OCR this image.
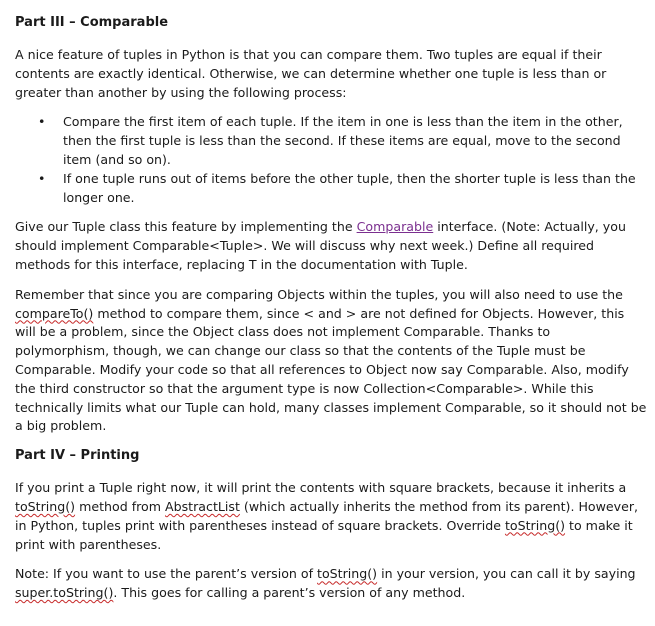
Part III – Comparable

A nice feature of tuples in Python is that you can compare them. Two tuples are equal if their contents are exactly identical. Otherwise, we can determine whether one tuple is less than or greater than another by using the following process:

• Compare the first item of each tuple. If the item in one is less than the item in the other, then the first tuple is less than the second. If these items are equal, move to the second item (and so on).
• If one tuple runs out of items before the other tuple, then the shorter tuple is less than the longer one.

Give our Tuple class this feature by implementing the Comparable interface. (Note: Actually, you should implement Comparable<Tuple>. We will discuss why next week.) Define all required methods for this interface, replacing T in the documentation with Tuple.

Remember that since you are comparing Objects within the tuples, you will also need to use the compareTo() method to compare them, since < and > are not defined for Objects. However, this will be a problem, since the Object class does not implement Comparable. Thanks to polymorphism, though, we can change our class so that the contents of the Tuple must be Comparable. Modify your code so that all references to Object now say Comparable. Also, modify the third constructor so that the argument type is now Collection<Comparable>. While this technically limits what our Tuple can hold, many classes implement Comparable, so it should not be a big problem.

Part IV – Printing

If you print a Tuple right now, it will print the contents with square brackets, because it inherits a toString() method from AbstractList (which actually inherits the method from its parent). However, in Python, tuples print with parentheses instead of square brackets. Override toString() to make it print with parentheses.

Note: If you want to use the parent’s version of toString() in your version, you can call it by saying super.toString(). This goes for calling a parent’s version of any method.
